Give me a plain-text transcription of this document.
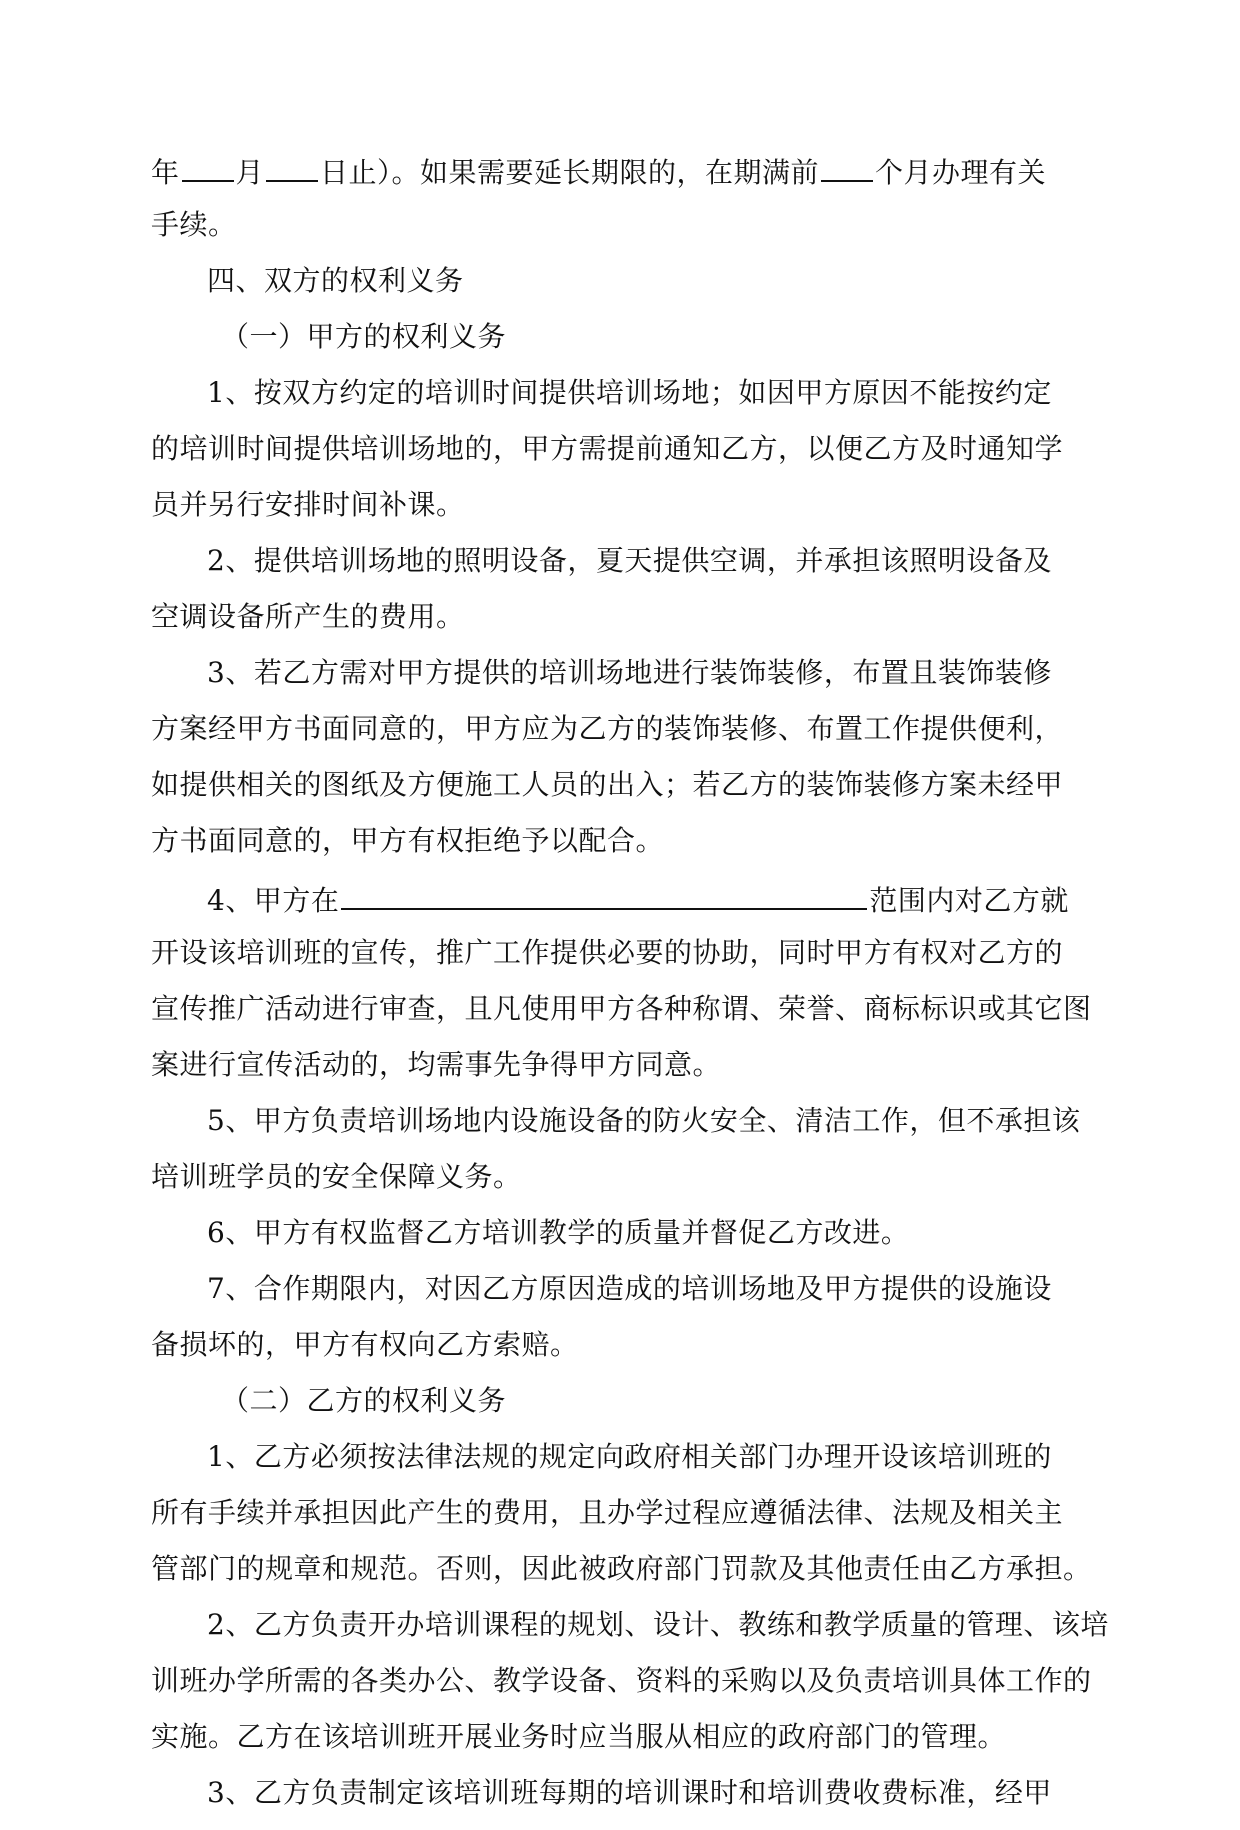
年 月 日止）。如果需要延长期限的，在期满前 个月办理有关
手续。
四、双方的权利义务
（一）甲方的权利义务
1、按双方约定的培训时间提供培训场地；如因甲方原因不能按约定
的培训时间提供培训场地的，甲方需提前通知乙方，以便乙方及时通知学
员并另行安排时间补课。
2、提供培训场地的照明设备，夏天提供空调，并承担该照明设备及
空调设备所产生的费用。
3、若乙方需对甲方提供的培训场地进行装饰装修，布置且装饰装修
方案经甲方书面同意的，甲方应为乙方的装饰装修、布置工作提供便利，
如提供相关的图纸及方便施工人员的出入；若乙方的装饰装修方案未经甲
方书面同意的，甲方有权拒绝予以配合。
4、甲方在	范围内对乙方就
开设该培训班的宣传，推广工作提供必要的协助，同时甲方有权对乙方的
宣传推广活动进行审查，且凡使用甲方各种称谓、荣誉、商标标识或其它图
案进行宣传活动的，均需事先争得甲方同意。
5、甲方负责培训场地内设施设备的防火安全、清洁工作，但不承担该
培训班学员的安全保障义务。
6、甲方有权监督乙方培训教学的质量并督促乙方改进。
7、合作期限内，对因乙方原因造成的培训场地及甲方提供的设施设
备损坏的，甲方有权向乙方索赔。
（二）乙方的权利义务
1、乙方必须按法律法规的规定向政府相关部门办理开设该培训班的
所有手续并承担因此产生的费用，且办学过程应遵循法律、法规及相关主
管部门的规章和规范。否则，因此被政府部门罚款及其他责任由乙方承担。
2、乙方负责开办培训课程的规划、设计、教练和教学质量的管理、该培
训班办学所需的各类办公、教学设备、资料的采购以及负责培训具体工作的
实施。乙方在该培训班开展业务时应当服从相应的政府部门的管理。
3、乙方负责制定该培训班每期的培训课时和培训费收费标准，经甲
